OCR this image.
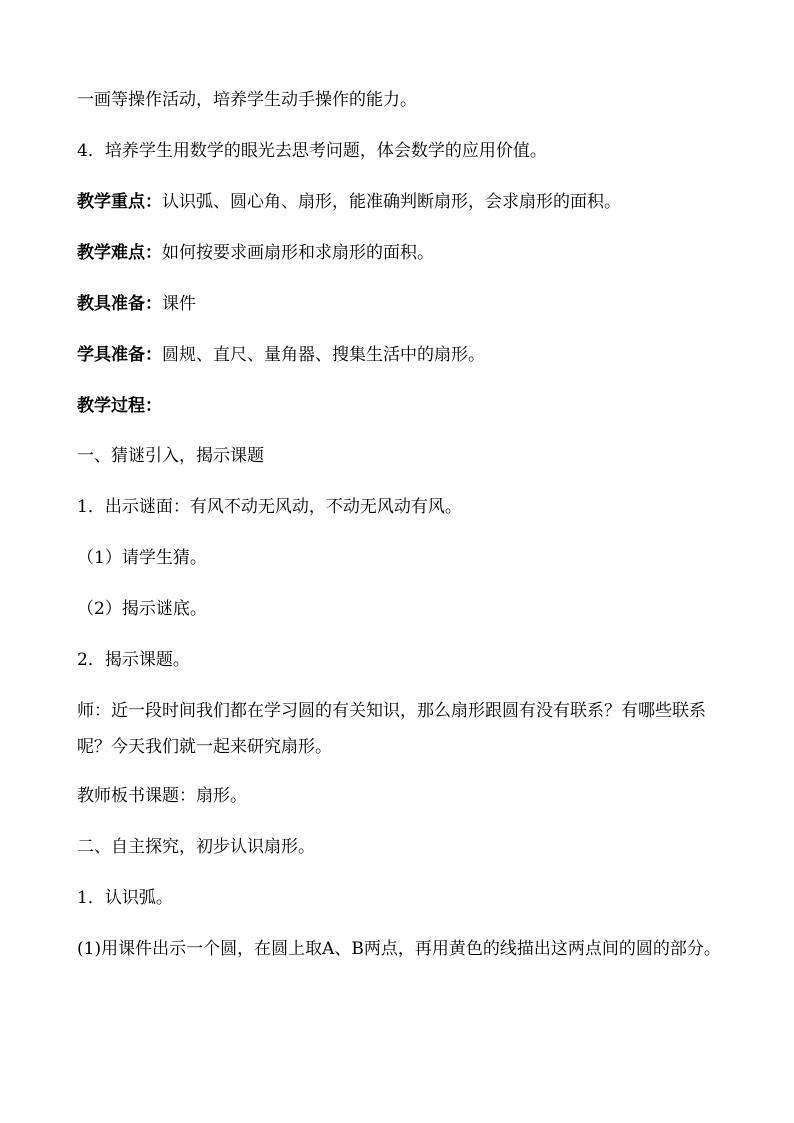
一画等操作活动，培养学生动手操作的能力。
4．培养学生用数学的眼光去思考问题，体会数学的应用价值。
教学重点：认识弧、圆心角、扇形，能准确判断扇形，会求扇形的面积。
教学难点：如何按要求画扇形和求扇形的面积。
教具准备：课件
学具准备：圆规、直尺、量角器、搜集生活中的扇形。
教学过程：
一、猜谜引入，揭示课题
1．出示谜面：有风不动无风动，不动无风动有风。
（1）请学生猜。
（2）揭示谜底。
2．揭示课题。
师：近一段时间我们都在学习圆的有关知识，那么扇形跟圆有没有联系？有哪些联系呢？今天我们就一起来研究扇形。
教师板书课题：扇形。
二、自主探究，初步认识扇形。
1．认识弧。
(1)用课件出示一个圆，在圆上取A、B两点，再用黄色的线描出这两点间的圆的部分。
